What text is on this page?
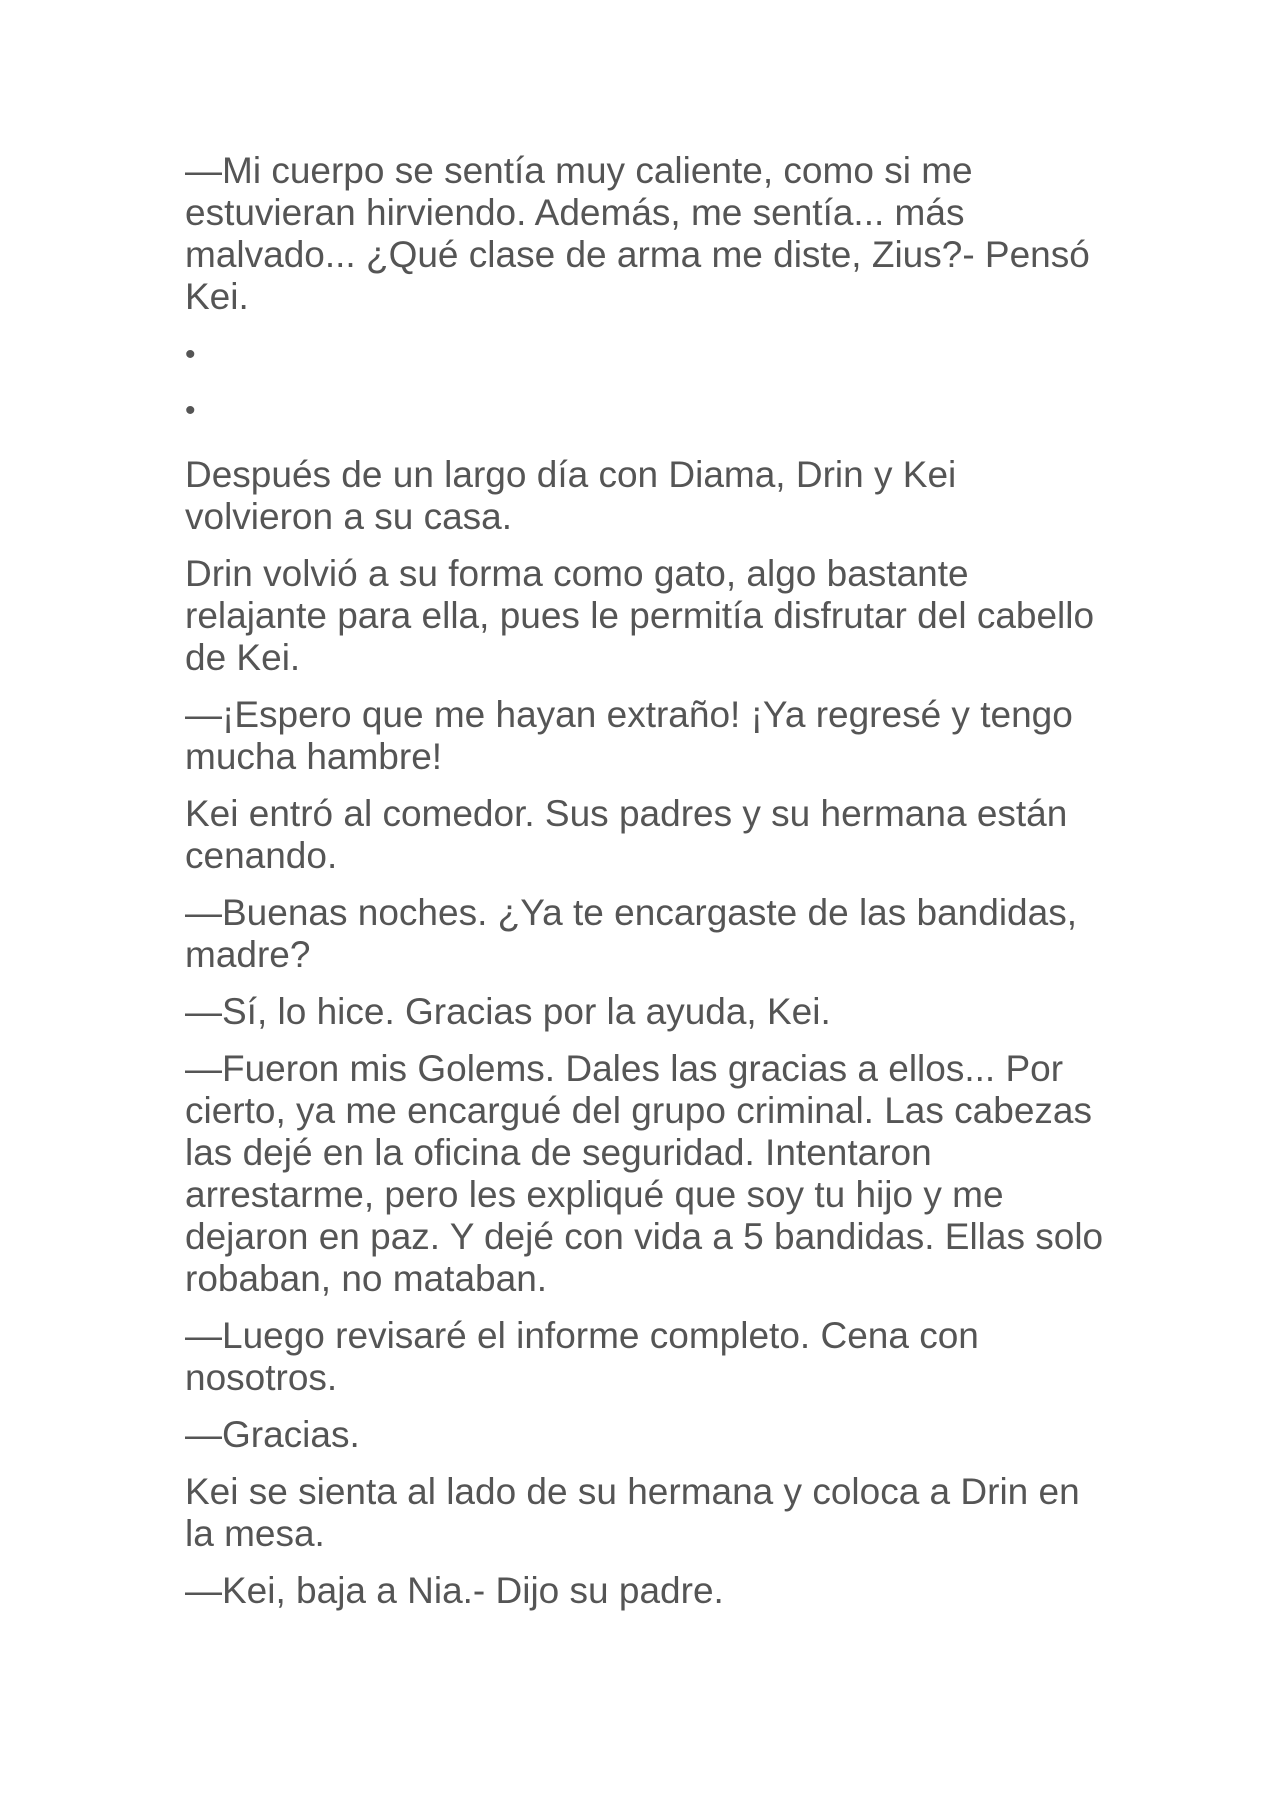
—Mi cuerpo se sentía muy caliente, como si me estuvieran hirviendo. Además, me sentía... más malvado... ¿Qué clase de arma me diste, Zius?- Pensó Kei.

•
•

Después de un largo día con Diama, Drin y Kei volvieron a su casa.

Drin volvió a su forma como gato, algo bastante relajante para ella, pues le permitía disfrutar del cabello de Kei.

—¡Espero que me hayan extraño! ¡Ya regresé y tengo mucha hambre!

Kei entró al comedor. Sus padres y su hermana están cenando.

—Buenas noches. ¿Ya te encargaste de las bandidas, madre?

—Sí, lo hice. Gracias por la ayuda, Kei.

—Fueron mis Golems. Dales las gracias a ellos... Por cierto, ya me encargué del grupo criminal. Las cabezas las dejé en la oficina de seguridad. Intentaron arrestarme, pero les expliqué que soy tu hijo y me dejaron en paz. Y dejé con vida a 5 bandidas. Ellas solo robaban, no mataban.

—Luego revisaré el informe completo. Cena con nosotros.

—Gracias.

Kei se sienta al lado de su hermana y coloca a Drin en la mesa.

—Kei, baja a Nia.- Dijo su padre.
